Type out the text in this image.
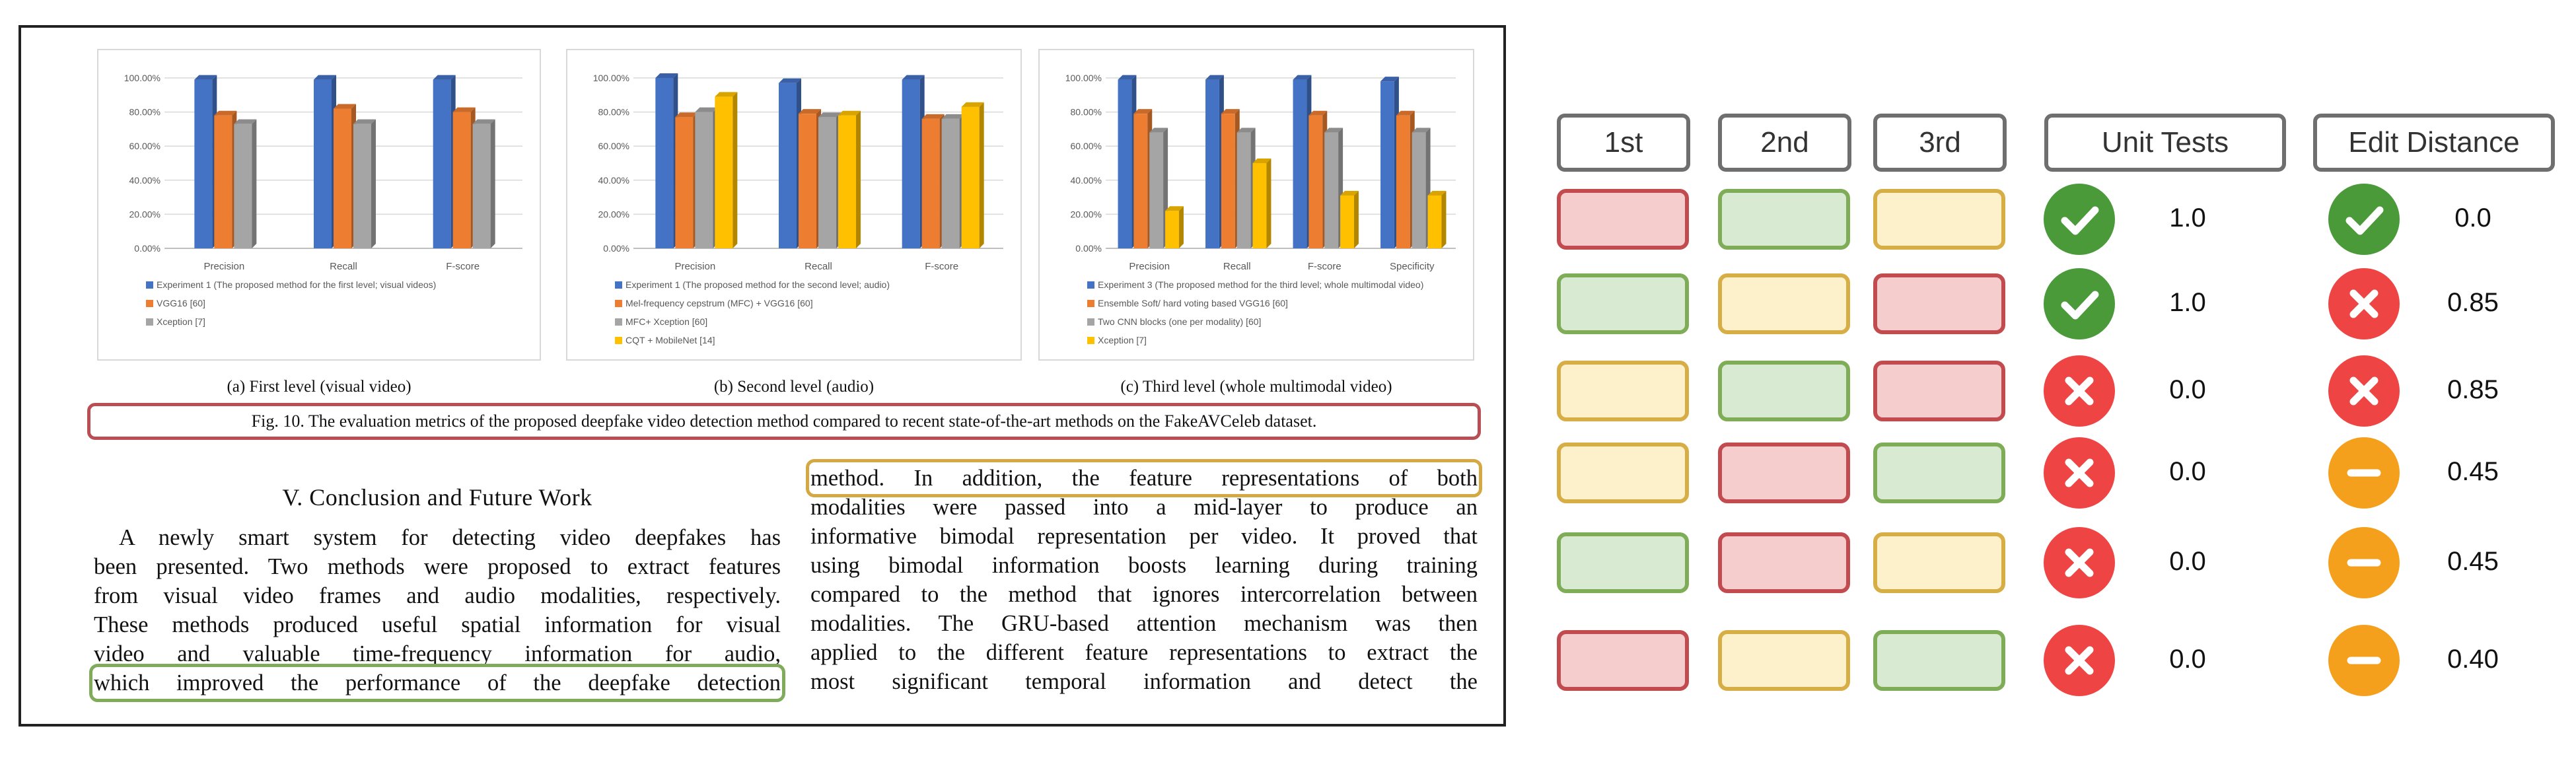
0.00%
20.00%
40.00%
60.00%
80.00%
100.00%
Precision	Recall	F-score
Experiment 1 (The proposed method for the first level; visual videos)
VGG16 [60]
Xception [7]
0.00%
20.00%
40.00%
60.00%
80.00%
100.00%
Precision	Recall	F-score
Experiment 1 (The proposed method for the second level; audio)
Mel-frequency cepstrum (MFC) + VGG16 [60]
MFC+ Xception [60]
CQT + MobileNet [14]
0.00%
20.00%
40.00%
60.00%
80.00%
100.00%
Precision	Recall	F-score	Specificity
Experiment 3 (The proposed method for the third level; whole multimodal video)
Ensemble Soft/ hard voting based VGG16 [60]
Two CNN blocks (one per modality) [60]
Xception [7]
(a) First level (visual video)	(b) Second level (audio)	(c) Third level (whole multimodal video)
Fig. 10. The evaluation metrics of the proposed deepfake video detection method compared to recent state-of-the-art methods on the FakeAVCeleb dataset.
V. Conclusion and Future Work
A newly smart system for detecting video deepfakes has
been presented. Two methods were proposed to extract features
from visual video frames and audio modalities, respectively.
These methods produced useful spatial information for visual
video and valuable time-frequency information for audio,
which improved the performance of the deepfake detection
method. In addition, the feature representations of both
modalities were passed into a mid-layer to produce an
informative bimodal representation per video. It proved that
using bimodal information boosts learning during training
compared to the method that ignores intercorrelation between
modalities. The GRU-based attention mechanism was then
applied to the different feature representations to extract the
most significant temporal information and detect the
1st	2nd	3rd	Unit Tests	Edit Distance
1.0	0.0
1.0	0.85
0.0	0.85
0.0	0.45
0.0	0.45
0.0	0.40
